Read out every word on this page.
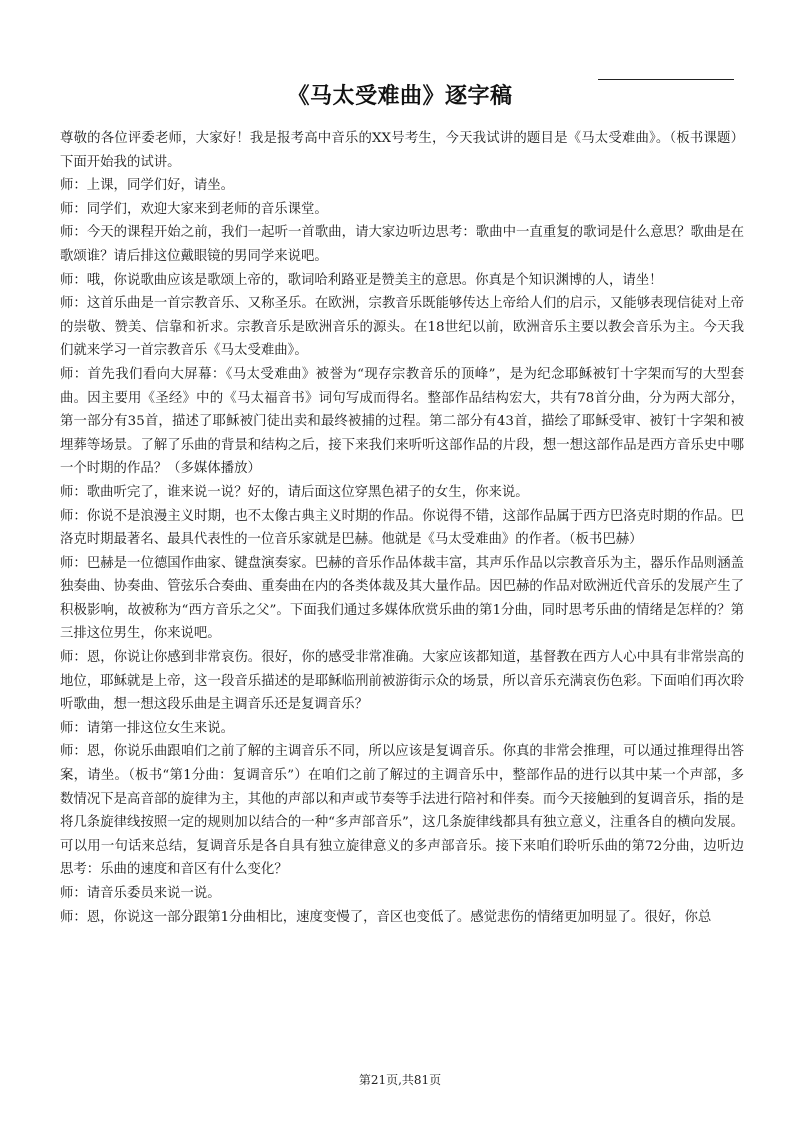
《马太受难曲》逐字稿

尊敬的各位评委老师，大家好！我是报考高中音乐的XX号考生，今天我试讲的题目是《马太受难曲》。（板书课题）下面开始我的试讲。

师：上课，同学们好，请坐。

师：同学们，欢迎大家来到老师的音乐课堂。

师：今天的课程开始之前，我们一起听一首歌曲，请大家边听边思考：歌曲中一直重复的歌词是什么意思？歌曲是在歌颂谁？请后排这位戴眼镜的男同学来说吧。

师：哦，你说歌曲应该是歌颂上帝的，歌词哈利路亚是赞美主的意思。你真是个知识渊博的人，请坐！

师：这首乐曲是一首宗教音乐、又称圣乐。在欧洲，宗教音乐既能够传达上帝给人们的启示，又能够表现信徒对上帝的崇敬、赞美、信靠和祈求。宗教音乐是欧洲音乐的源头。在18世纪以前，欧洲音乐主要以教会音乐为主。今天我们就来学习一首宗教音乐《马太受难曲》。

师：首先我们看向大屏幕：《马太受难曲》被誉为“现存宗教音乐的顶峰”，是为纪念耶稣被钉十字架而写的大型套曲。因主要用《圣经》中的《马太福音书》词句写成而得名。整部作品结构宏大，共有78首分曲，分为两大部分，第一部分有35首，描述了耶稣被门徒出卖和最终被捕的过程。第二部分有43首，描绘了耶稣受审、被钉十字架和被埋葬等场景。了解了乐曲的背景和结构之后，接下来我们来听听这部作品的片段，想一想这部作品是西方音乐史中哪一个时期的作品？（多媒体播放）

师：歌曲听完了，谁来说一说？好的，请后面这位穿黑色裙子的女生，你来说。

师：你说不是浪漫主义时期，也不太像古典主义时期的作品。你说得不错，这部作品属于西方巴洛克时期的作品。巴洛克时期最著名、最具代表性的一位音乐家就是巴赫。他就是《马太受难曲》的作者。（板书巴赫）

师：巴赫是一位德国作曲家、键盘演奏家。巴赫的音乐作品体裁丰富，其声乐作品以宗教音乐为主，器乐作品则涵盖独奏曲、协奏曲、管弦乐合奏曲、重奏曲在内的各类体裁及其大量作品。因巴赫的作品对欧洲近代音乐的发展产生了积极影响，故被称为“西方音乐之父”。下面我们通过多媒体欣赏乐曲的第1分曲，同时思考乐曲的情绪是怎样的？第三排这位男生，你来说吧。

师：恩，你说让你感到非常哀伤。很好，你的感受非常准确。大家应该都知道，基督教在西方人心中具有非常崇高的地位，耶稣就是上帝，这一段音乐描述的是耶稣临刑前被游街示众的场景，所以音乐充满哀伤色彩。下面咱们再次聆听歌曲，想一想这段乐曲是主调音乐还是复调音乐？

师：请第一排这位女生来说。

师：恩，你说乐曲跟咱们之前了解的主调音乐不同，所以应该是复调音乐。你真的非常会推理，可以通过推理得出答案，请坐。（板书“第1分曲：复调音乐”）在咱们之前了解过的主调音乐中，整部作品的进行以其中某一个声部，多数情况下是高音部的旋律为主，其他的声部以和声或节奏等手法进行陪衬和伴奏。而今天接触到的复调音乐，指的是将几条旋律线按照一定的规则加以结合的一种“多声部音乐”，这几条旋律线都具有独立意义，注重各自的横向发展。可以用一句话来总结，复调音乐是各自具有独立旋律意义的多声部音乐。接下来咱们聆听乐曲的第72分曲，边听边思考：乐曲的速度和音区有什么变化？

师：请音乐委员来说一说。

师：恩，你说这一部分跟第1分曲相比，速度变慢了，音区也变低了。感觉悲伤的情绪更加明显了。很好，你总

第21页,共81页
